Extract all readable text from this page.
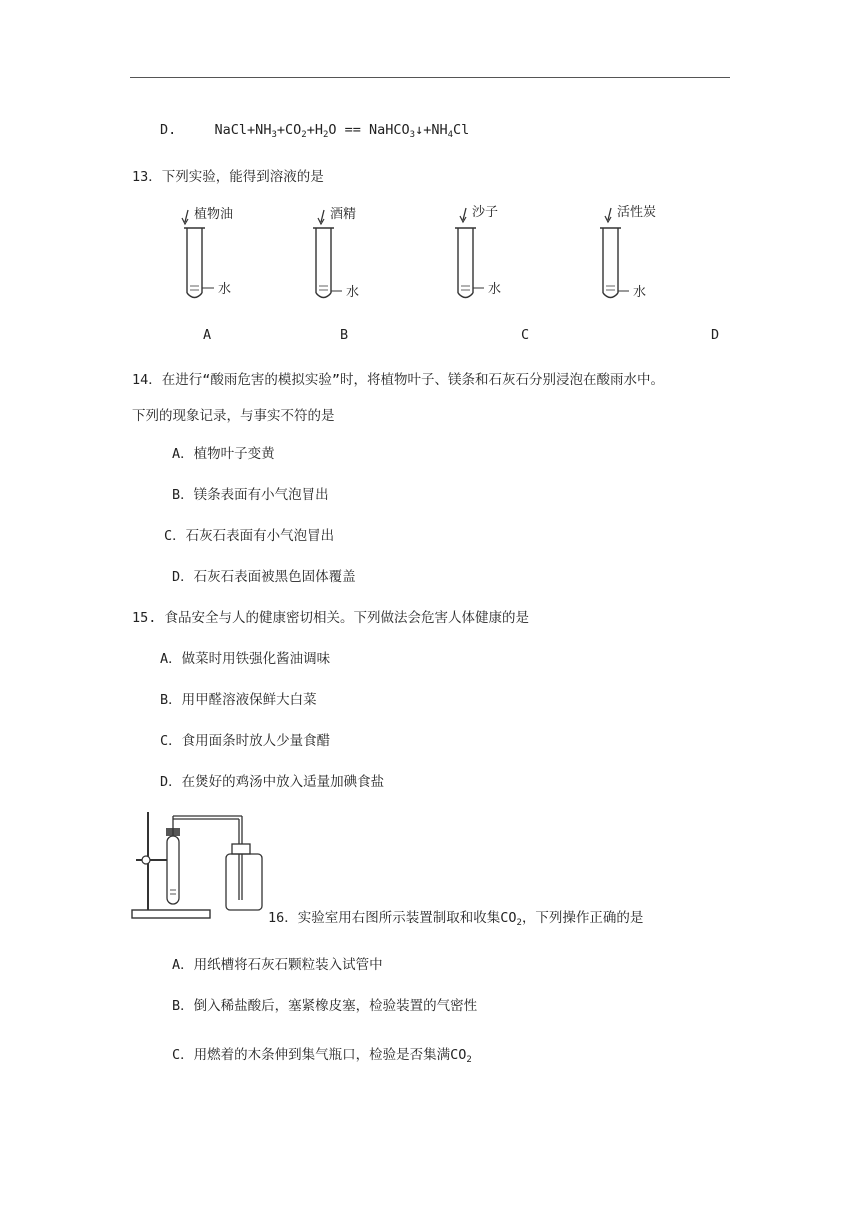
D.	$NaCl+NH_3+CO_2+H_2O$ == $NaHCO_3↓+NH_4Cl$
13．下列实验，能得到溶液的是
植物油
水
酒精
水
沙子
水
活性炭
水
A	B	C	D
14．在进行“酸雨危害的模拟实验”时，将植物叶子、镁条和石灰石分别浸泡在酸雨水中。
下列的现象记录，与事实不符的是
A．植物叶子变黄
B．镁条表面有小气泡冒出
C．石灰石表面有小气泡冒出
D．石灰石表面被黑色固体覆盖
15. 食品安全与人的健康密切相关。下列做法会危害人体健康的是
A．做菜时用铁强化酱油调味
B．用甲醛溶液保鲜大白菜
C．食用面条时放人少量食醋
D．在煲好的鸡汤中放入适量加碘食盐
16．实验室用右图所示装置制取和收集$CO_2$，下列操作正确的是
A．用纸槽将石灰石颗粒装入试管中
B．倒入稀盐酸后，塞紧橡皮塞，检验装置的气密性
C．用燃着的木条伸到集气瓶口，检验是否集满$CO_2$
